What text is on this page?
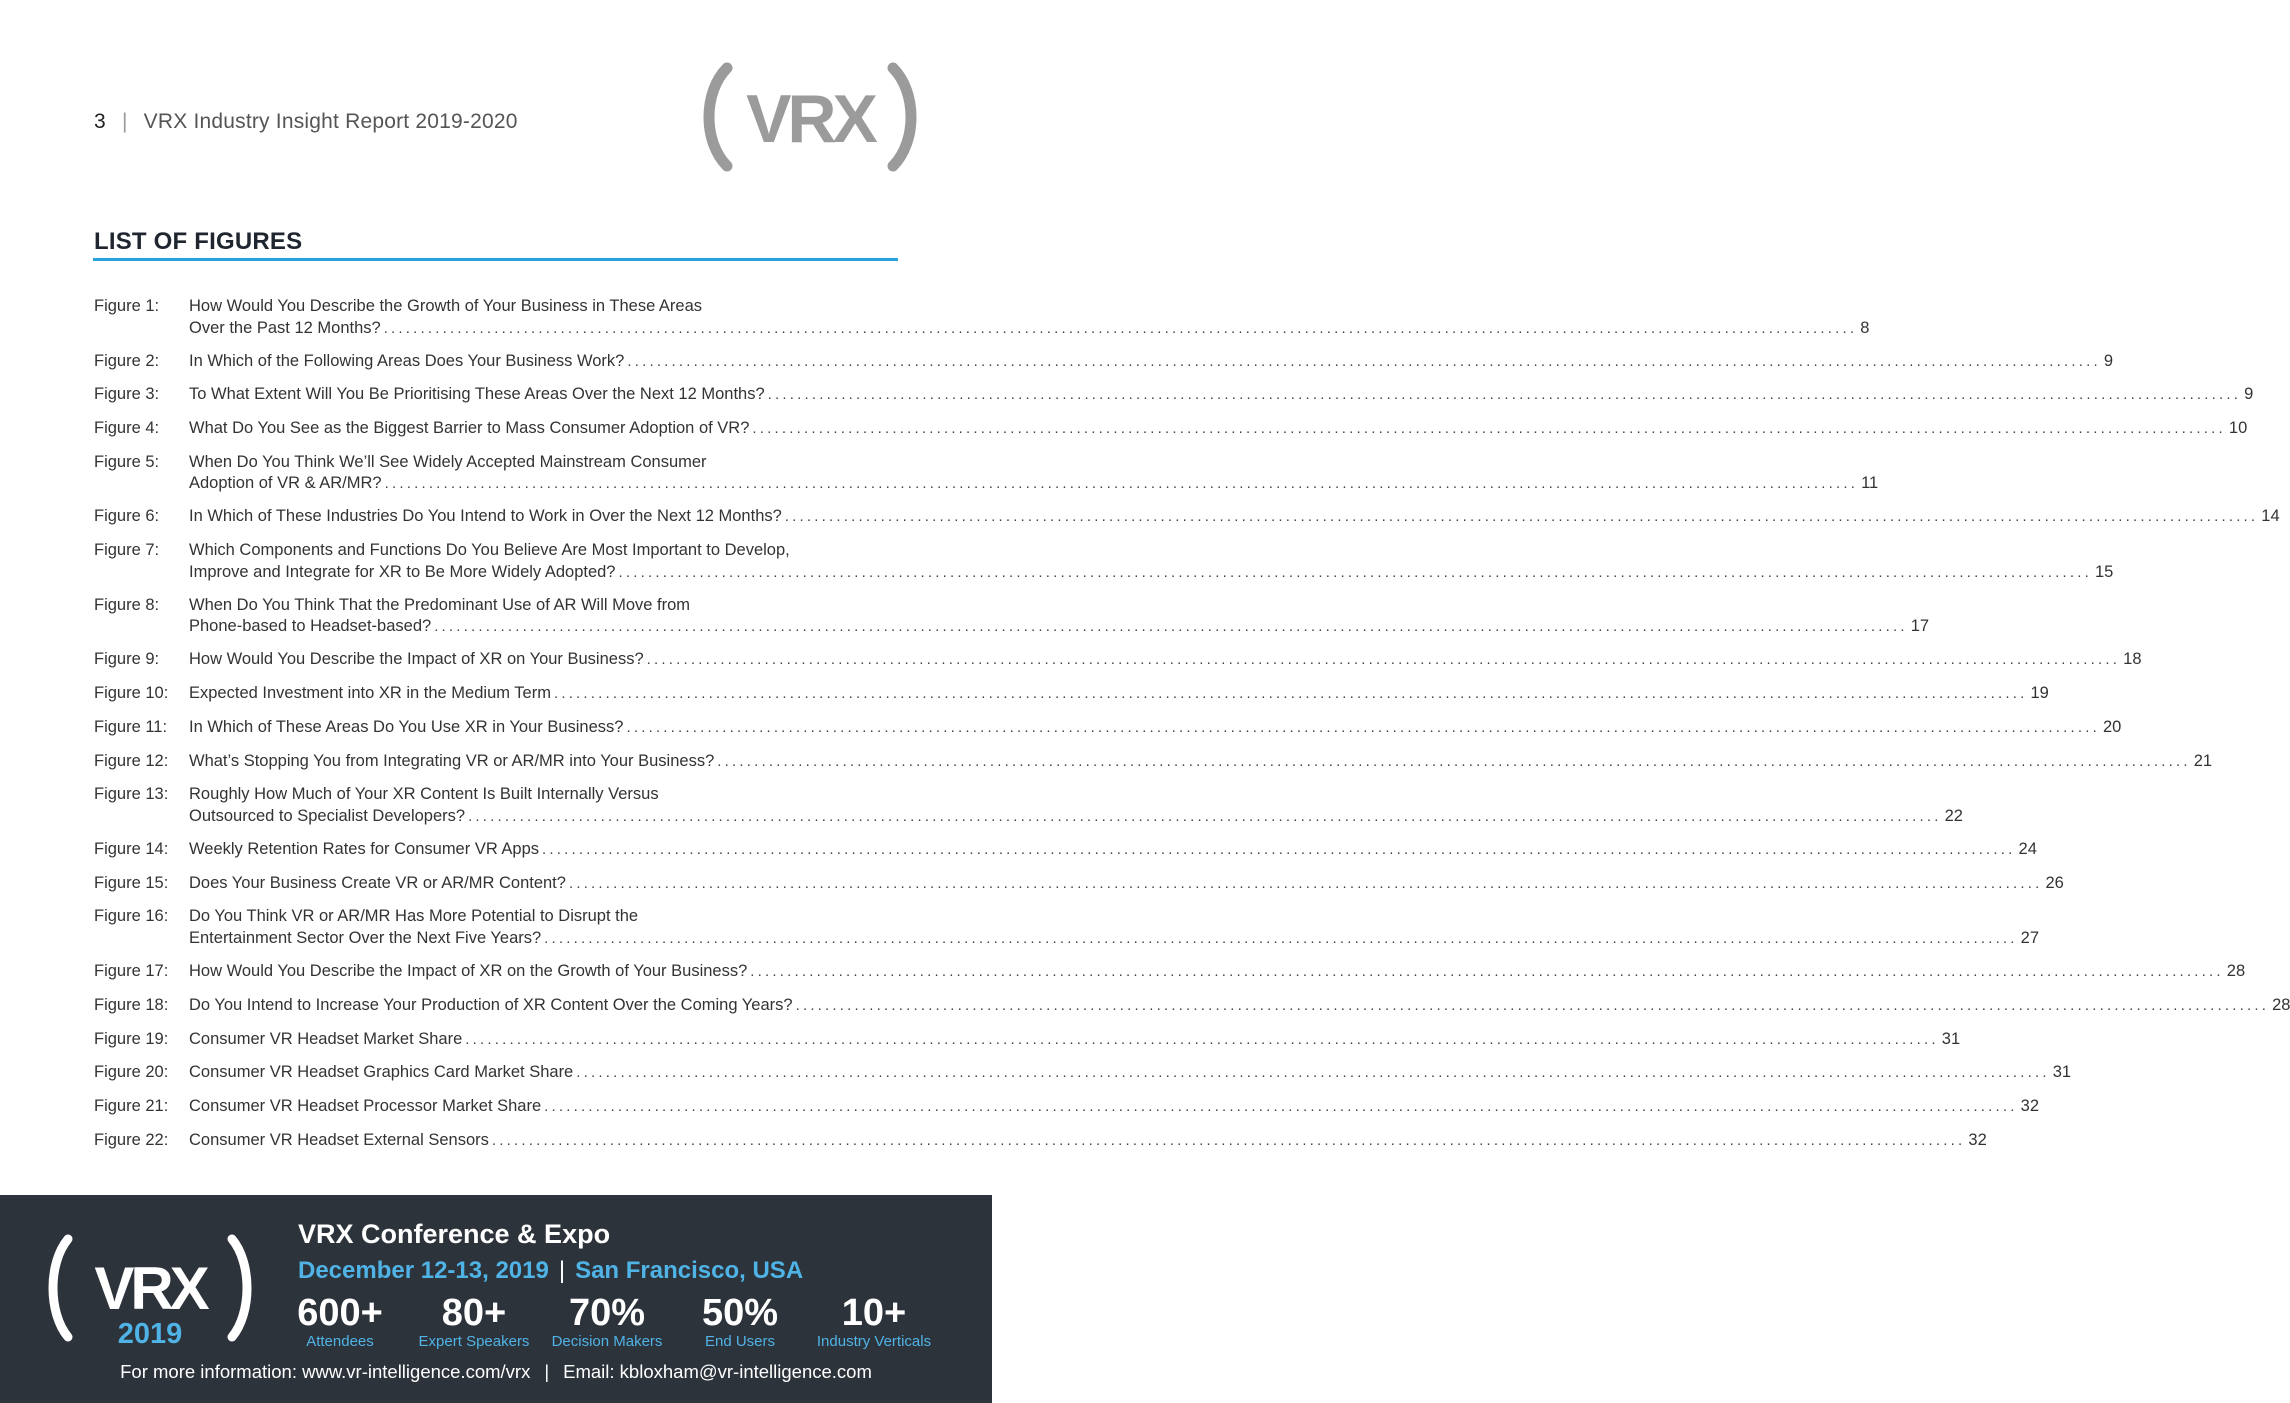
3 | VRX Industry Insight Report 2019-2020	VRX
LIST OF FIGURES
Figure 1:	How Would You Describe the Growth of Your Business in These Areas
Over the Past 12 Months? ........................................................................................................................................................................................................ 8
Figure 2:	In Which of the Following Areas Does Your Business Work? ........................................................................................................................................................................................................ 9
Figure 3:	To What Extent Will You Be Prioritising These Areas Over the Next 12 Months? ........................................................................................................................................................................................................ 9
Figure 4:	What Do You See as the Biggest Barrier to Mass Consumer Adoption of VR? ........................................................................................................................................................................................................ 10
Figure 5:	When Do You Think We’ll See Widely Accepted Mainstream Consumer
Adoption of VR & AR/MR? ........................................................................................................................................................................................................ 11
Figure 6:	In Which of These Industries Do You Intend to Work in Over the Next 12 Months? ........................................................................................................................................................................................................ 14
Figure 7:	Which Components and Functions Do You Believe Are Most Important to Develop,
Improve and Integrate for XR to Be More Widely Adopted? ........................................................................................................................................................................................................ 15
Figure 8:	When Do You Think That the Predominant Use of AR Will Move from
Phone-based to Headset-based? ........................................................................................................................................................................................................ 17
Figure 9:	How Would You Describe the Impact of XR on Your Business? ........................................................................................................................................................................................................ 18
Figure 10:	Expected Investment into XR in the Medium Term ........................................................................................................................................................................................................ 19
Figure 11:	In Which of These Areas Do You Use XR in Your Business? ........................................................................................................................................................................................................ 20
Figure 12:	What’s Stopping You from Integrating VR or AR/MR into Your Business? ........................................................................................................................................................................................................ 21
Figure 13:	Roughly How Much of Your XR Content Is Built Internally Versus
Outsourced to Specialist Developers? ........................................................................................................................................................................................................ 22
Figure 14:	Weekly Retention Rates for Consumer VR Apps ........................................................................................................................................................................................................ 24
Figure 15:	Does Your Business Create VR or AR/MR Content? ........................................................................................................................................................................................................ 26
Figure 16:	Do You Think VR or AR/MR Has More Potential to Disrupt the
Entertainment Sector Over the Next Five Years? ........................................................................................................................................................................................................ 27
Figure 17:	How Would You Describe the Impact of XR on the Growth of Your Business? ........................................................................................................................................................................................................ 28
Figure 18:	Do You Intend to Increase Your Production of XR Content Over the Coming Years? ........................................................................................................................................................................................................ 28
Figure 19:	Consumer VR Headset Market Share ........................................................................................................................................................................................................ 31
Figure 20:	Consumer VR Headset Graphics Card Market Share ........................................................................................................................................................................................................ 31
Figure 21:	Consumer VR Headset Processor Market Share ........................................................................................................................................................................................................ 32
Figure 22:	Consumer VR Headset External Sensors ........................................................................................................................................................................................................ 32
VRX
2019
VRX Conference & Expo
December 12-13, 2019 | San Francisco, USA
600+
Attendees
80+
Expert Speakers
70%
Decision Makers
50%
End Users
10+
Industry Verticals
For more information: www.vr-intelligence.com/vrx | Email: kbloxham@vr-intelligence.com
